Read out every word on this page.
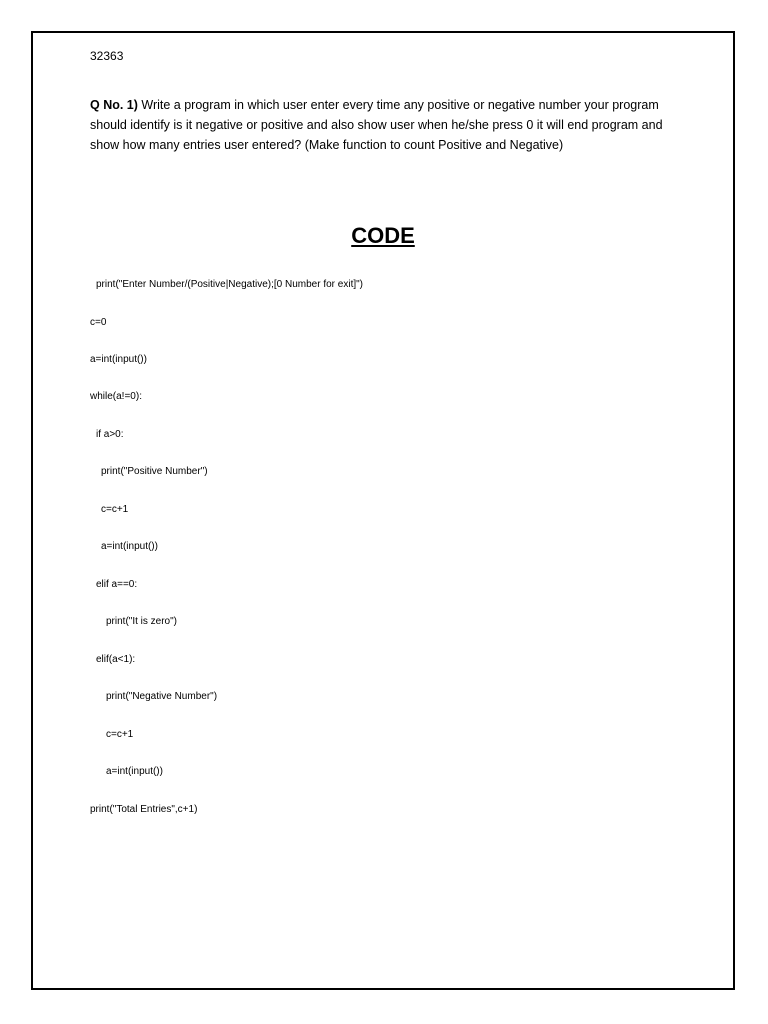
32363
Q No. 1) Write a program in which user enter every time any positive or negative number your program should identify is it negative or positive and also show user when he/she press 0 it will end program and show how many entries user entered? (Make function to count Positive and Negative)
CODE
print("Enter Number/(Positive|Negative);[0 Number for exit]")
c=0
a=int(input())
while(a!=0):
if a>0:
print("Positive Number")
c=c+1
a=int(input())
elif a==0:
print("It is zero")
elif(a<1):
print("Negative Number")
c=c+1
a=int(input())
print("Total Entries",c+1)
